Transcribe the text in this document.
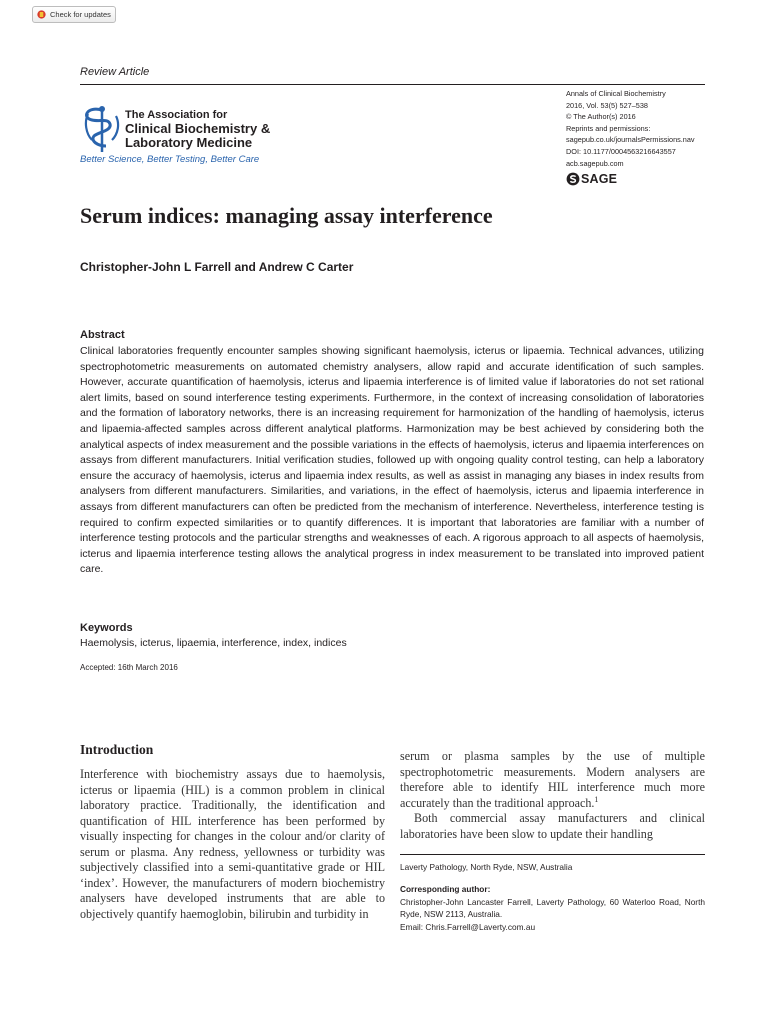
Check for updates
Review Article
The Association for
Clinical Biochemistry &
Laboratory Medicine
Better Science, Better Testing, Better Care
Annals of Clinical Biochemistry
2016, Vol. 53(5) 527–538
© The Author(s) 2016
Reprints and permissions:
sagepub.co.uk/journalsPermissions.nav
DOI: 10.1177/0004563216643557
acb.sagepub.com
SAGE
Serum indices: managing assay interference
Christopher-John L Farrell and Andrew C Carter
Abstract
Clinical laboratories frequently encounter samples showing significant haemolysis, icterus or lipaemia. Technical advances, utilizing spectrophotometric measurements on automated chemistry analysers, allow rapid and accurate identification of such samples. However, accurate quantification of haemolysis, icterus and lipaemia interference is of limited value if laboratories do not set rational alert limits, based on sound interference testing experiments. Furthermore, in the context of increasing consolidation of laboratories and the formation of laboratory networks, there is an increasing requirement for harmonization of the handling of haemolysis, icterus and lipaemia-affected samples across different analytical platforms. Harmonization may be best achieved by considering both the analytical aspects of index measurement and the possible variations in the effects of haemolysis, icterus and lipaemia interferences on assays from different manufacturers. Initial verification studies, followed up with ongoing quality control testing, can help a laboratory ensure the accuracy of haemolysis, icterus and lipaemia index results, as well as assist in managing any biases in index results from analysers from different manufacturers. Similarities, and variations, in the effect of haemolysis, icterus and lipaemia interference in assays from different manufacturers can often be predicted from the mechanism of interference. Nevertheless, interference testing is required to confirm expected similarities or to quantify differences. It is important that laboratories are familiar with a number of interference testing protocols and the particular strengths and weaknesses of each. A rigorous approach to all aspects of haemolysis, icterus and lipaemia interference testing allows the analytical progress in index measurement to be translated into improved patient care.
Keywords
Haemolysis, icterus, lipaemia, interference, index, indices
Accepted: 16th March 2016
Introduction
Interference with biochemistry assays due to haemolysis, icterus or lipaemia (HIL) is a common problem in clinical laboratory practice. Traditionally, the identification and quantification of HIL interference has been performed by visually inspecting for changes in the colour and/or clarity of serum or plasma. Any redness, yellowness or turbidity was subjectively classified into a semi-quantitative grade or HIL ‘index’. However, the manufacturers of modern biochemistry analysers have developed instruments that are able to objectively quantify haemoglobin, bilirubin and turbidity in

serum or plasma samples by the use of multiple spectrophotometric measurements. Modern analysers are therefore able to identify HIL interference much more accurately than the traditional approach.$^1$

Both commercial assay manufacturers and clinical laboratories have been slow to update their handling

Laverty Pathology, North Ryde, NSW, Australia
Corresponding author:
Christopher-John Lancaster Farrell, Laverty Pathology, 60 Waterloo Road, North Ryde, NSW 2113, Australia.
Email: Chris.Farrell@Laverty.com.au
